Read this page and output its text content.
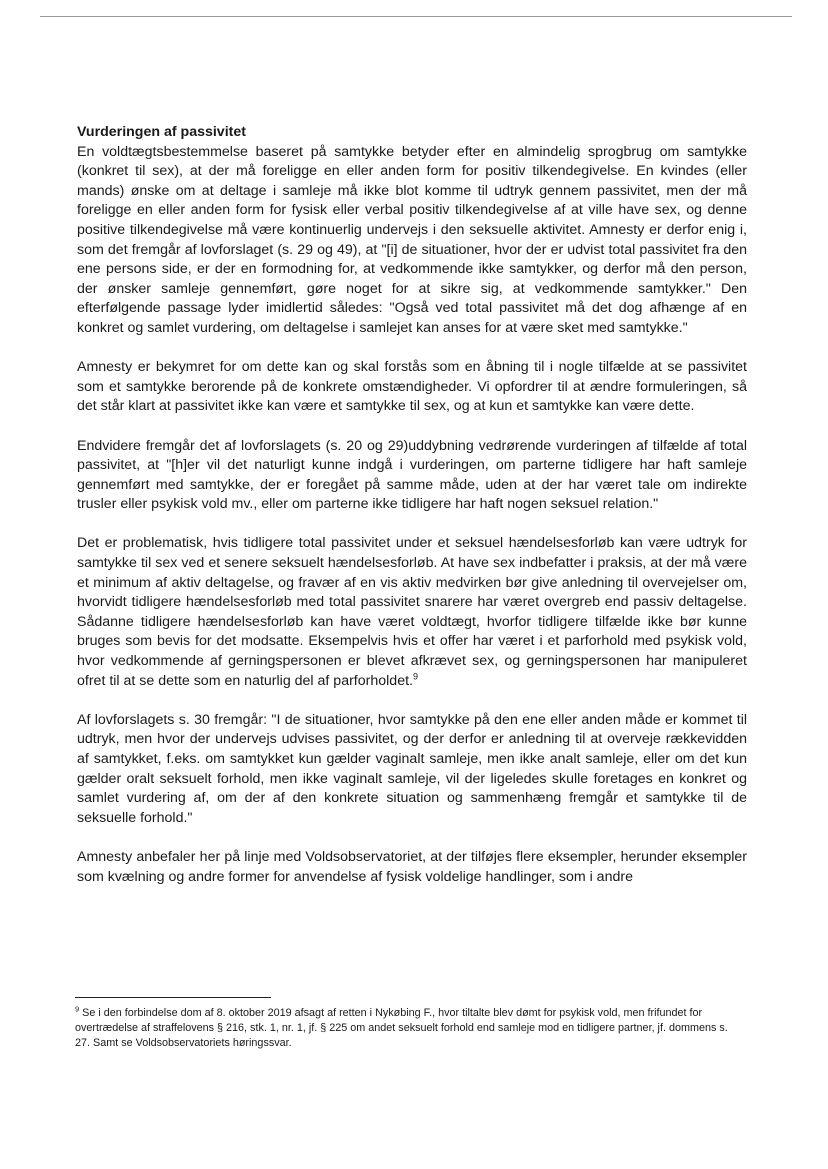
Vurderingen af passivitet

En voldtægtsbestemmelse baseret på samtykke betyder efter en almindelig sprogbrug om samtykke (konkret til sex), at der må foreligge en eller anden form for positiv tilkendegivelse. En kvindes (eller mands) ønske om at deltage i samleje må ikke blot komme til udtryk gennem passivitet, men der må foreligge en eller anden form for fysisk eller verbal positiv tilkendegivelse af at ville have sex, og denne positive tilkendegivelse må være kontinuerlig undervejs i den seksuelle aktivitet. Amnesty er derfor enig i, som det fremgår af lovforslaget (s. 29 og 49), at "[i] de situationer, hvor der er udvist total passivitet fra den ene persons side, er der en formodning for, at vedkommende ikke samtykker, og derfor må den person, der ønsker samleje gennemført, gøre noget for at sikre sig, at vedkommende samtykker." Den efterfølgende passage lyder imidlertid således: "Også ved total passivitet må det dog afhænge af en konkret og samlet vurdering, om deltagelse i samlejet kan anses for at være sket med samtykke."

Amnesty er bekymret for om dette kan og skal forstås som en åbning til i nogle tilfælde at se passivitet som et samtykke berorende på de konkrete omstændigheder. Vi opfordrer til at ændre formuleringen, så det står klart at passivitet ikke kan være et samtykke til sex, og at kun et samtykke kan være dette.

Endvidere fremgår det af lovforslagets (s. 20 og 29)uddybning vedrørende vurderingen af tilfælde af total passivitet, at "[h]er vil det naturligt kunne indgå i vurderingen, om parterne tidligere har haft samleje gennemført med samtykke, der er foregået på samme måde, uden at der har været tale om indirekte trusler eller psykisk vold mv., eller om parterne ikke tidligere har haft nogen seksuel relation."

Det er problematisk, hvis tidligere total passivitet under et seksuel hændelsesforløb kan være udtryk for samtykke til sex ved et senere seksuelt hændelsesforløb. At have sex indbefatter i praksis, at der må være et minimum af aktiv deltagelse, og fravær af en vis aktiv medvirken bør give anledning til overvejelser om, hvorvidt tidligere hændelsesforløb med total passivitet snarere har været overgreb end passiv deltagelse. Sådanne tidligere hændelsesforløb kan have været voldtægt, hvorfor tidligere tilfælde ikke bør kunne bruges som bevis for det modsatte. Eksempelvis hvis et offer har været i et parforhold med psykisk vold, hvor vedkommende af gerningspersonen er blevet afkrævet sex, og gerningspersonen har manipuleret ofret til at se dette som en naturlig del af parforholdet.$^9$

Af lovforslagets s. 30 fremgår: "I de situationer, hvor samtykke på den ene eller anden måde er kommet til udtryk, men hvor der undervejs udvises passivitet, og der derfor er anledning til at overveje rækkevidden af samtykket, f.eks. om samtykket kun gælder vaginalt samleje, men ikke analt samleje, eller om det kun gælder oralt seksuelt forhold, men ikke vaginalt samleje, vil der ligeledes skulle foretages en konkret og samlet vurdering af, om der af den konkrete situation og sammenhæng fremgår et samtykke til de seksuelle forhold."

Amnesty anbefaler her på linje med Voldsobservatoriet, at der tilføjes flere eksempler, herunder eksempler som kvælning og andre former for anvendelse af fysisk voldelige handlinger, som i andre

$^9$ Se i den forbindelse dom af 8. oktober 2019 afsagt af retten i Nykøbing F., hvor tiltalte blev dømt for psykisk vold, men frifundet for overtrædelse af straffelovens § 216, stk. 1, nr. 1, jf. § 225 om andet seksuelt forhold end samleje mod en tidligere partner, jf. dommens s. 27. Samt se Voldsobservatoriets høringssvar.
